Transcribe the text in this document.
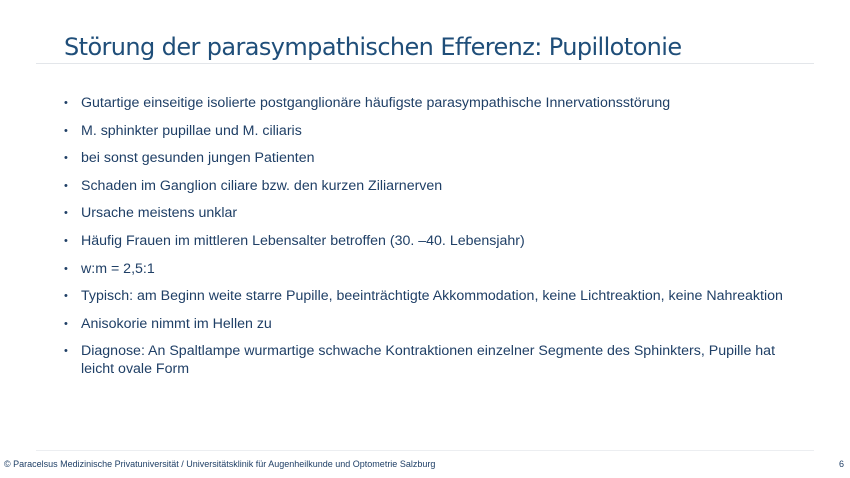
Störung der parasympathischen Efferenz: Pupillotonie
• Gutartige einseitige isolierte postganglionäre häufigste parasympathische Innervationsstörung
• M. sphinkter pupillae und M. ciliaris
• bei sonst gesunden jungen Patienten
• Schaden im Ganglion ciliare bzw. den kurzen Ziliarnerven
• Ursache meistens unklar
• Häufig Frauen im mittleren Lebensalter betroffen (30. –40. Lebensjahr)
• w:m = 2,5:1
• Typisch: am Beginn weite starre Pupille, beeinträchtigte Akkommodation, keine Lichtreaktion, keine Nahreaktion
• Anisokorie nimmt im Hellen zu
• Diagnose: An Spaltlampe wurmartige schwache Kontraktionen einzelner Segmente des Sphinkters, Pupille hat leicht ovale Form
© Paracelsus Medizinische Privatuniversität / Universitätsklinik für Augenheilkunde und Optometrie Salzburg	6
